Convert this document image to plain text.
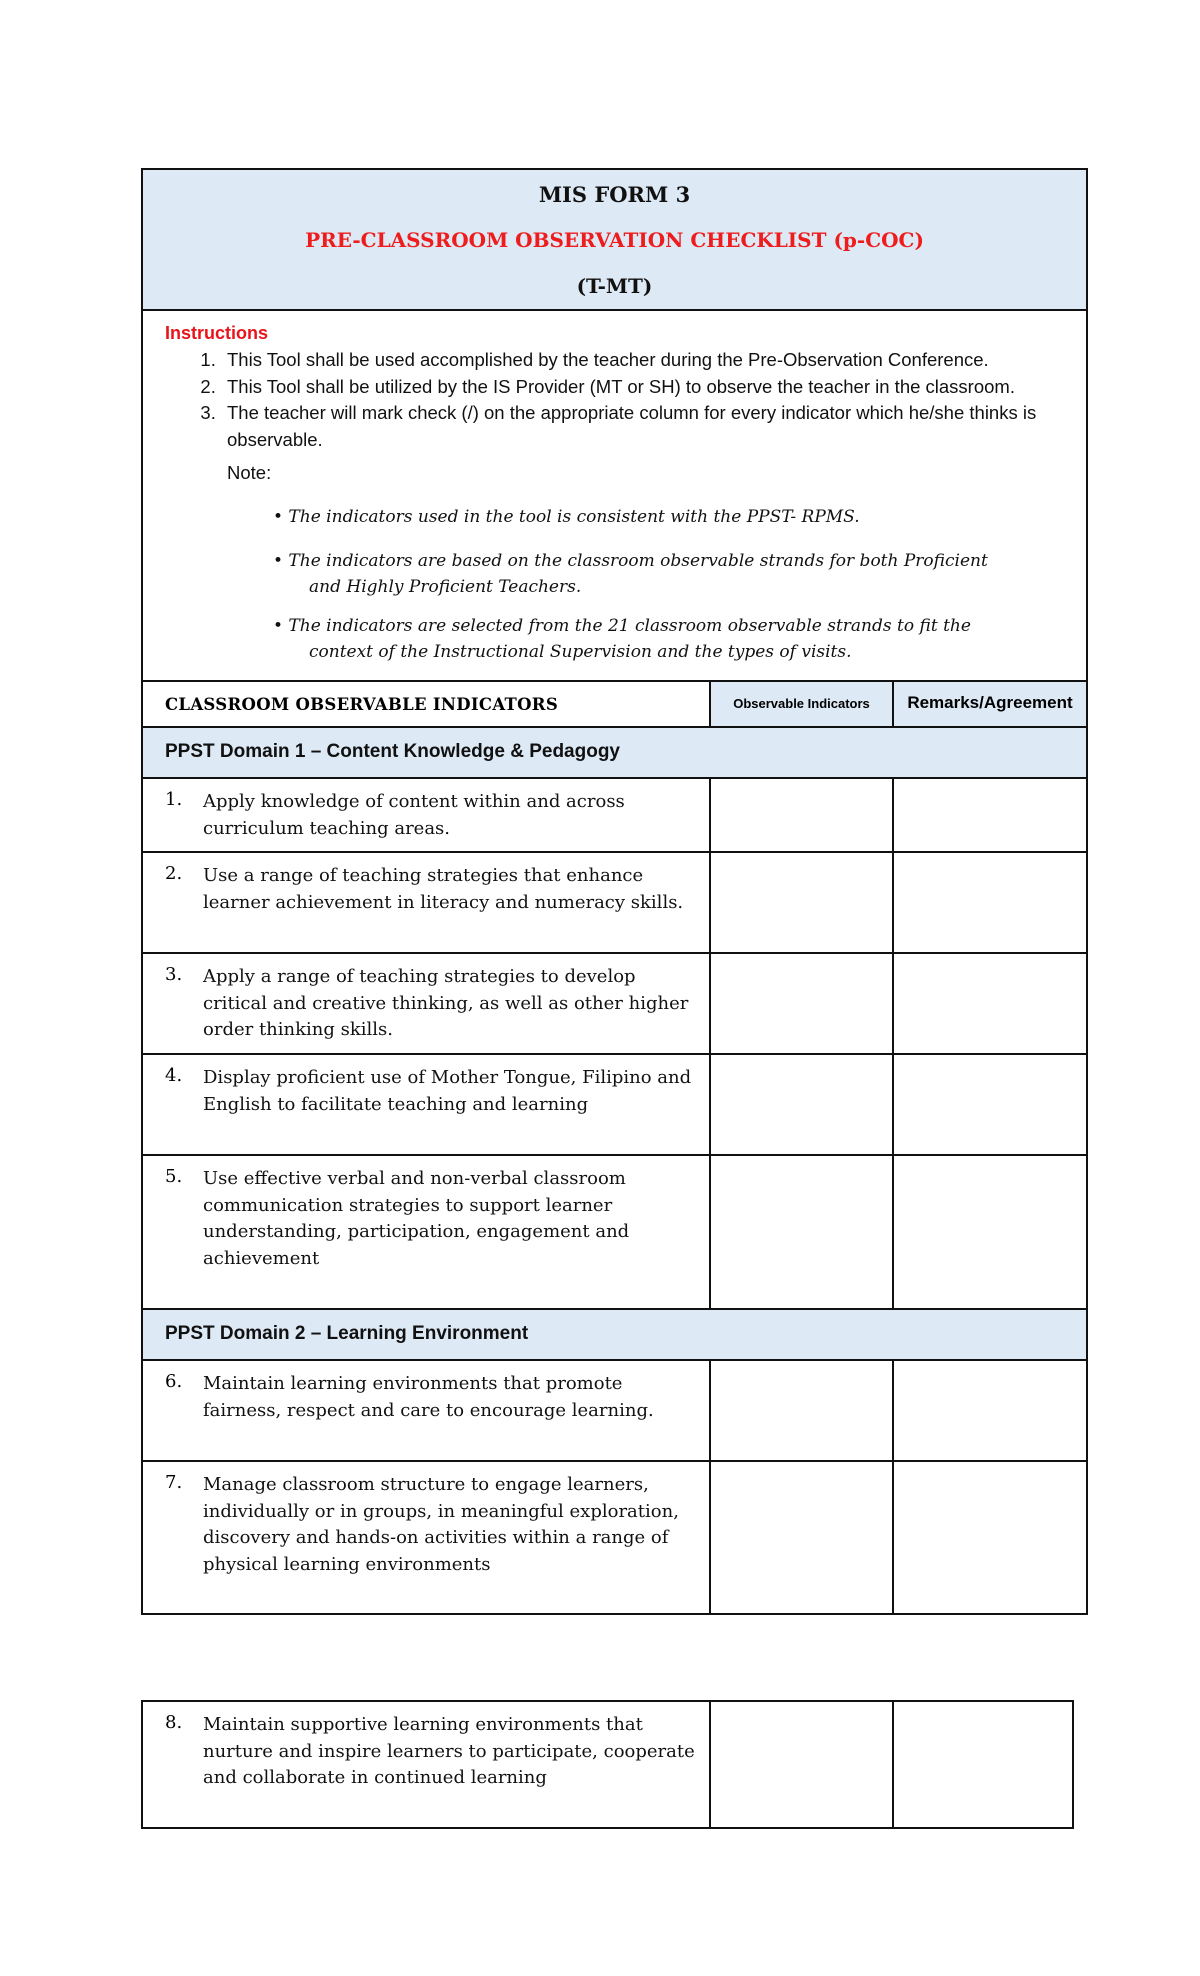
MIS FORM 3
PRE-CLASSROOM OBSERVATION CHECKLIST (p-COC)
(T-MT)
Instructions
1. This Tool shall be used accomplished by the teacher during the Pre-Observation Conference.
2. This Tool shall be utilized by the IS Provider (MT or SH) to observe the teacher in the classroom.
3. The teacher will mark check (/) on the appropriate column for every indicator which he/she thinks is observable.
Note:
• The indicators used in the tool is consistent with the PPST- RPMS.
• The indicators are based on the classroom observable strands for both Proficient
and Highly Proficient Teachers.
• The indicators are selected from the 21 classroom observable strands to fit the
context of the Instructional Supervision and the types of visits.
CLASSROOM OBSERVABLE INDICATORS	Observable Indicators	Remarks/Agreement
PPST Domain 1 – Content Knowledge & Pedagogy
1. Apply knowledge of content within and across curriculum teaching areas.
2. Use a range of teaching strategies that enhance learner achievement in literacy and numeracy skills.
3. Apply a range of teaching strategies to develop critical and creative thinking, as well as other higher order thinking skills.
4. Display proficient use of Mother Tongue, Filipino and English to facilitate teaching and learning
5. Use effective verbal and non-verbal classroom communication strategies to support learner understanding, participation, engagement and achievement
PPST Domain 2 – Learning Environment
6. Maintain learning environments that promote fairness, respect and care to encourage learning.
7. Manage classroom structure to engage learners, individually or in groups, in meaningful exploration, discovery and hands-on activities within a range of physical learning environments
8. Maintain supportive learning environments that nurture and inspire learners to participate, cooperate and collaborate in continued learning
